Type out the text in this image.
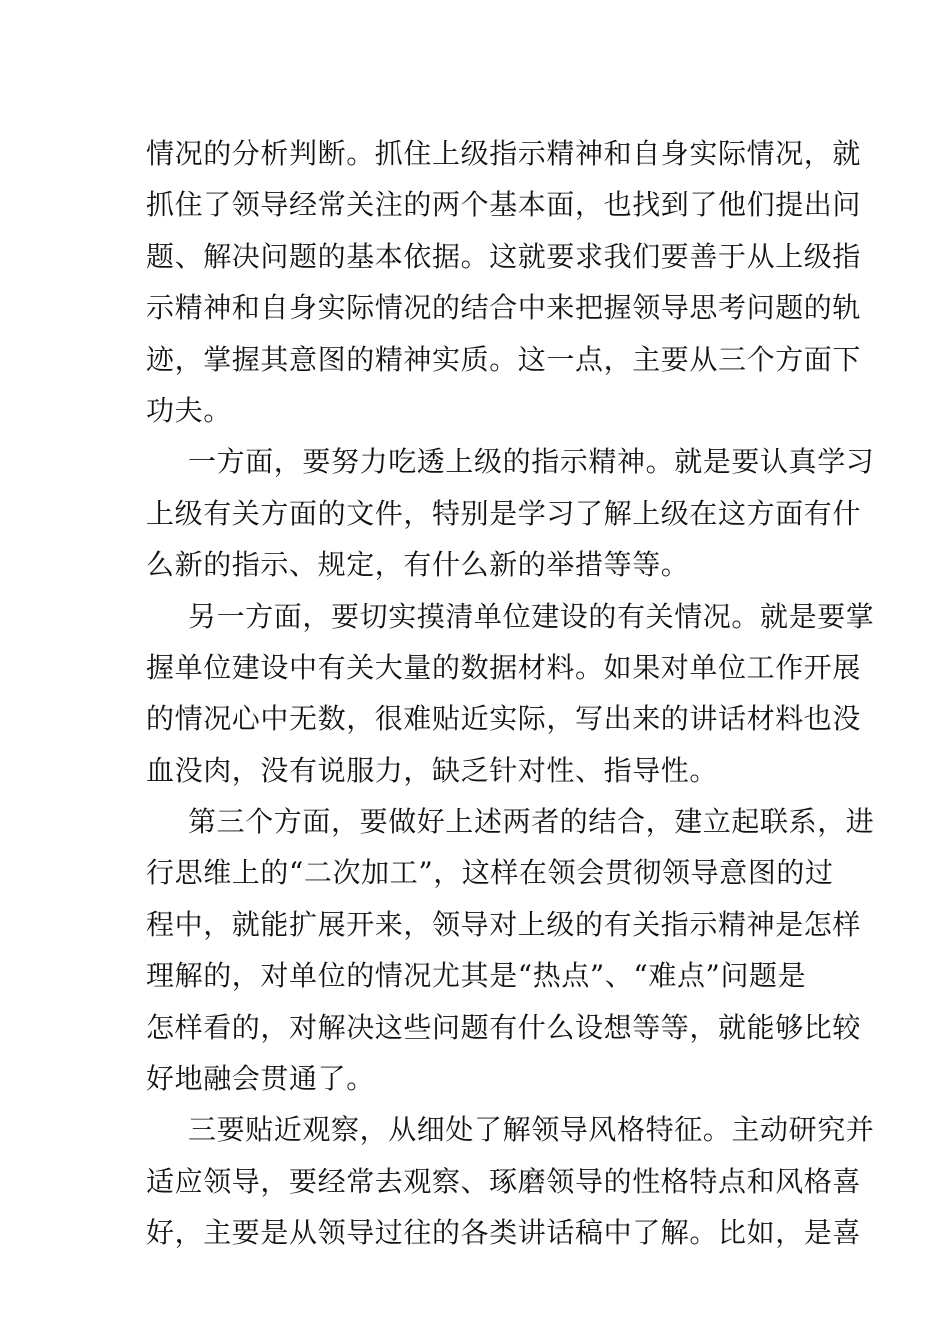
情况的分析判断。抓住上级指示精神和自身实际情况，就
抓住了领导经常关注的两个基本面，也找到了他们提出问
题、解决问题的基本依据。这就要求我们要善于从上级指
示精神和自身实际情况的结合中来把握领导思考问题的轨
迹，掌握其意图的精神实质。这一点，主要从三个方面下
功夫。
一方面，要努力吃透上级的指示精神。就是要认真学习
上级有关方面的文件，特别是学习了解上级在这方面有什
么新的指示、规定，有什么新的举措等等。
另一方面，要切实摸清单位建设的有关情况。就是要掌
握单位建设中有关大量的数据材料。如果对单位工作开展
的情况心中无数，很难贴近实际，写出来的讲话材料也没
血没肉，没有说服力，缺乏针对性、指导性。
第三个方面，要做好上述两者的结合，建立起联系，进
行思维上的“二次加工”，这样在领会贯彻领导意图的过
程中，就能扩展开来，领导对上级的有关指示精神是怎样
理解的，对单位的情况尤其是“热点”、“难点”问题是
怎样看的，对解决这些问题有什么设想等等，就能够比较
好地融会贯通了。
三要贴近观察，从细处了解领导风格特征。主动研究并
适应领导，要经常去观察、琢磨领导的性格特点和风格喜
好，主要是从领导过往的各类讲话稿中了解。比如，是喜
